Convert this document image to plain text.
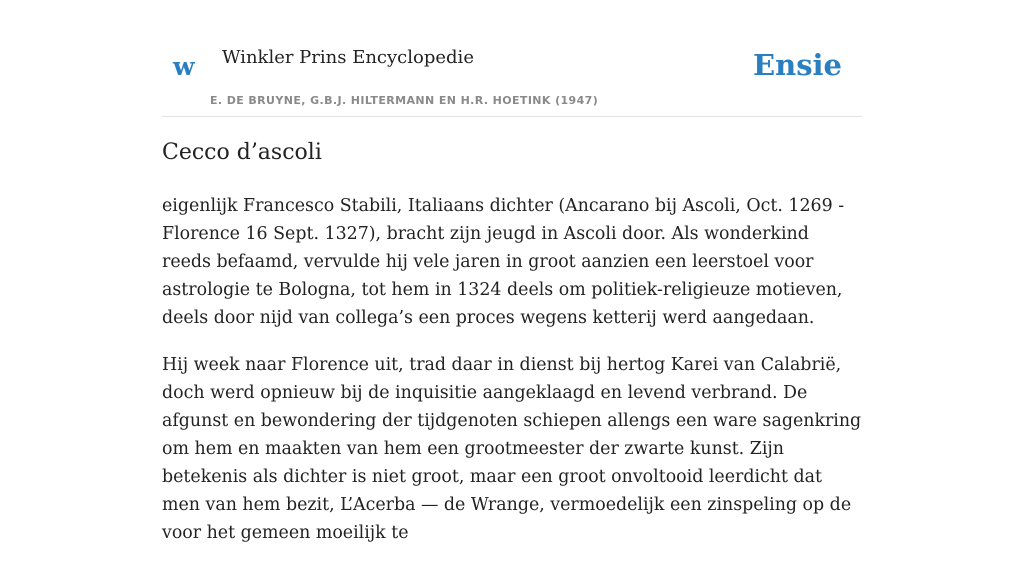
w Winkler Prins Encyclopedie
E. DE BRUYNE, G.B.J. HILTERMANN EN H.R. HOETINK (1947)
Ensie
Cecco d’ascoli

eigenlijk Francesco Stabili, Italiaans dichter (Ancarano bij Ascoli, Oct. 1269 - Florence 16 Sept. 1327), bracht zijn jeugd in Ascoli door. Als wonderkind reeds befaamd, vervulde hij vele jaren in groot aanzien een leerstoel voor astrologie te Bologna, tot hem in 1324 deels om politiek-religieuze motieven, deels door nijd van collega’s een proces wegens ketterij werd aangedaan.

Hij week naar Florence uit, trad daar in dienst bij hertog Karei van Calabrië, doch werd opnieuw bij de inquisitie aangeklaagd en levend verbrand. De afgunst en bewondering der tijdgenoten schiepen allengs een ware sagenkring om hem en maakten van hem een grootmeester der zwarte kunst. Zijn betekenis als dichter is niet groot, maar een groot onvoltooid leerdicht dat men van hem bezit, L’Acerba — de Wrange, vermoedelijk een zinspeling op de voor het gemeen moeilijk te
